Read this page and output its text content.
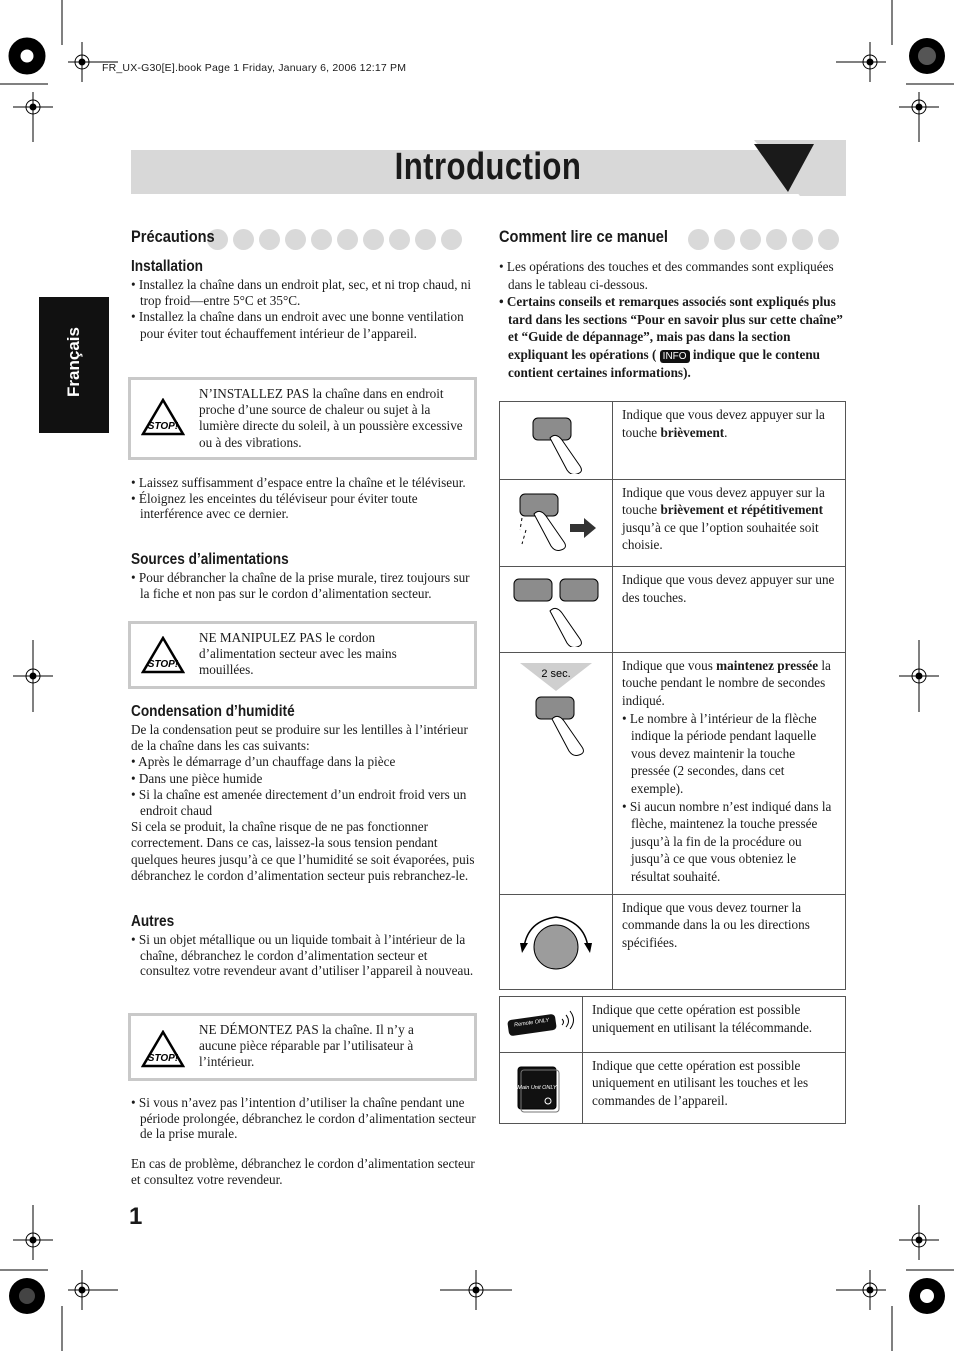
FR_UX-G30[E].book Page 1 Friday, January 6, 2006 12:17 PM
Introduction
Français
Précautions
Installation

• Installez la chaîne dans un endroit plat, sec, et ni trop chaud, ni trop froid—entre 5°C et 35°C.

• Installez la chaîne dans un endroit avec une bonne ventilation pour éviter tout échauffement intérieur de l’appareil.

STOP!
N’INSTALLEZ PAS la chaîne dans en endroit proche d’une source de chaleur ou sujet à la lumière directe du soleil, à un poussière excessive ou à des vibrations.

• Laissez suffisamment d’espace entre la chaîne et le téléviseur.

• Éloignez les enceintes du téléviseur pour éviter toute interférence avec ce dernier.

Sources d’alimentations

• Pour débrancher la chaîne de la prise murale, tirez toujours sur la fiche et non pas sur le cordon d’alimentation secteur.

STOP!
NE MANIPULEZ PAS le cordon d’alimentation secteur avec les mains mouillées.
Condensation d’humidité

De la condensation peut se produire sur les lentilles à l’intérieur de la chaîne dans les cas suivants:

• Après le démarrage d’un chauffage dans la pièce

• Dans une pièce humide

• Si la chaîne est amenée directement d’un endroit froid vers un endroit chaud

Si cela se produit, la chaîne risque de ne pas fonctionner correctement. Dans ce cas, laissez-la sous tension pendant quelques heures jusqu’à ce que l’humidité se soit évaporées, puis débranchez le cordon d’alimentation secteur puis rebranchez-le.

Autres

• Si un objet métallique ou un liquide tombait à l’intérieur de la chaîne, débranchez le cordon d’alimentation secteur et consultez votre revendeur avant d’utiliser l’appareil à nouveau.

STOP!
NE DÉMONTEZ PAS la chaîne. Il n’y a aucune pièce réparable par l’utilisateur à l’intérieur.

• Si vous n’avez pas l’intention d’utiliser la chaîne pendant une période prolongée, débranchez le cordon d’alimentation secteur de la prise murale.

En cas de problème, débranchez le cordon d’alimentation secteur et consultez votre revendeur.

1
Comment lire ce manuel

• Les opérations des touches et des commandes sont expliquées dans le tableau ci-dessous.

• Certains conseils et remarques associés sont expliqués plus tard dans les sections “Pour en savoir plus sur cette chaîne” et “Guide de dépannage”, mais pas dans la section expliquant les opérations ( INFO indique que le contenu contient certaines informations).

	Indique que vous devez appuyer sur la touche brièvement.
	Indique que vous devez appuyer sur la touche brièvement et répétitivement jusqu’à ce que l’option souhaitée soit choisie.
	Indique que vous devez appuyer sur une des touches.

2 sec.	Indique que vous maintenez pressée la touche pendant le nombre de secondes indiqué.
• Le nombre à l’intérieur de la flèche indique la période pendant laquelle vous devez maintenir la touche pressée (2 secondes, dans cet exemple).
• Si aucun nombre n’est indiqué dans la flèche, maintenez la touche pressée jusqu’à la fin de la procédure ou jusqu’à ce que vous obteniez le résultat souhaité.

	Indique que vous devez tourner la commande dans la ou les directions spécifiées.
Remote ONLY	Indique que cette opération est possible uniquement en utilisant la télécommande.

Main Unit ONLY	Indique que cette opération est possible uniquement en utilisant les touches et les commandes de l’appareil.
